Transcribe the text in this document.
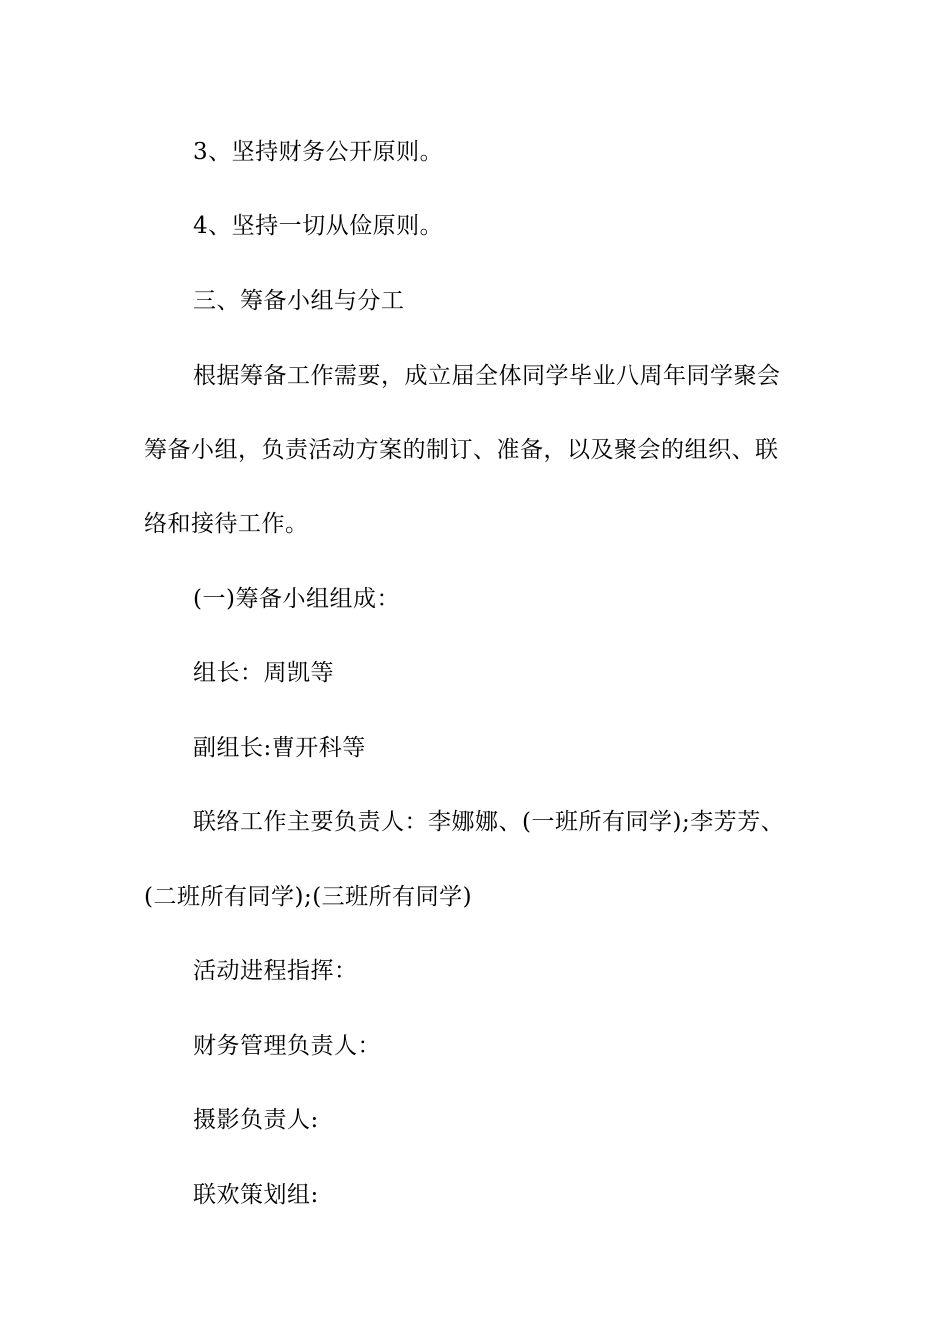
3、坚持财务公开原则。
4、坚持一切从俭原则。
三、筹备小组与分工
根据筹备工作需要，成立届全体同学毕业八周年同学聚会
筹备小组，负责活动方案的制订、准备，以及聚会的组织、联
络和接待工作。
(一)筹备小组组成：
组长：周凯等
副组长:曹开科等
联络工作主要负责人：李娜娜、(一班所有同学);李芳芳、
(二班所有同学);(三班所有同学)
活动进程指挥：
财务管理负责人：
摄影负责人:
联欢策划组:
